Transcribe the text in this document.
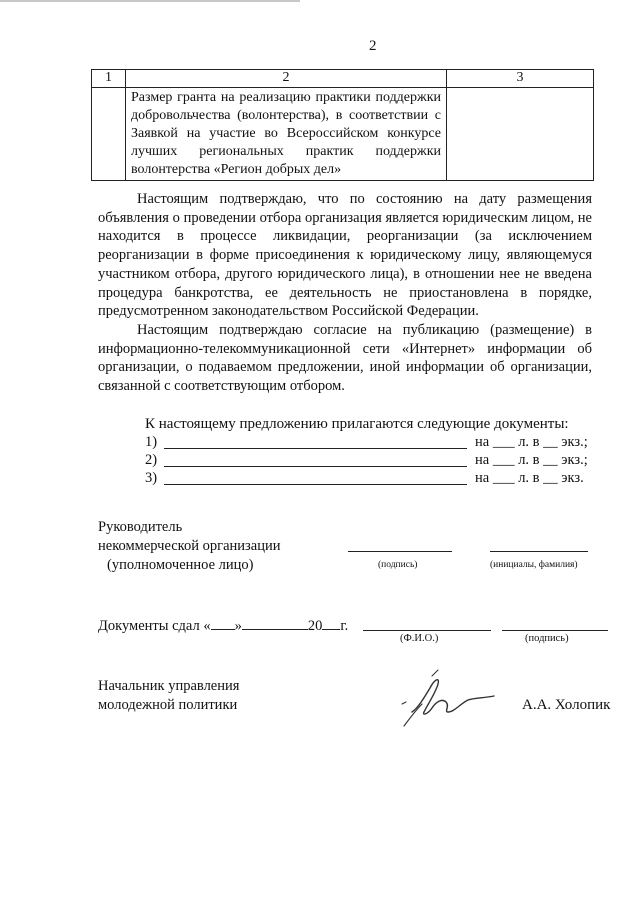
2
1	2	3
	Размер гранта на реализацию практики поддержки добровольчества (волонтерства), в соответствии с Заявкой на участие во Всероссийском конкурсе лучших региональных практик поддержки волонтерства «Регион добрых дел»	

Настоящим подтверждаю, что по состоянию на дату размещения объявления о проведении отбора организация является юридическим лицом, не находится в процессе ликвидации, реорганизации (за исключением реорганизации в форме присоединения к юридическому лицу, являющемуся участником отбора, другого юридического лица), в отношении нее не введена процедура банкротства, ее деятельность не приостановлена в порядке, предусмотренном законодательством Российской Федерации.

Настоящим подтверждаю согласие на публикацию (размещение) в информационно-телекоммуникационной сети «Интернет» информации об организации, о подаваемом предложении, иной информации об организации, связанной с соответствующим отбором.

К настоящему предложению прилагаются следующие документы:
1)	на ___ л. в __ экз.;
2)	на ___ л. в __ экз.;
3)	на ___ л. в __ экз.
Руководитель
некоммерческой организации
(уполномоченное лицо)	(подпись)	(инициалы, фамилия)
Документы сдал « »	20 г.
(Ф.И.О.)	(подпись)
Начальник управления
молодежной политики	А.А. Холопик
